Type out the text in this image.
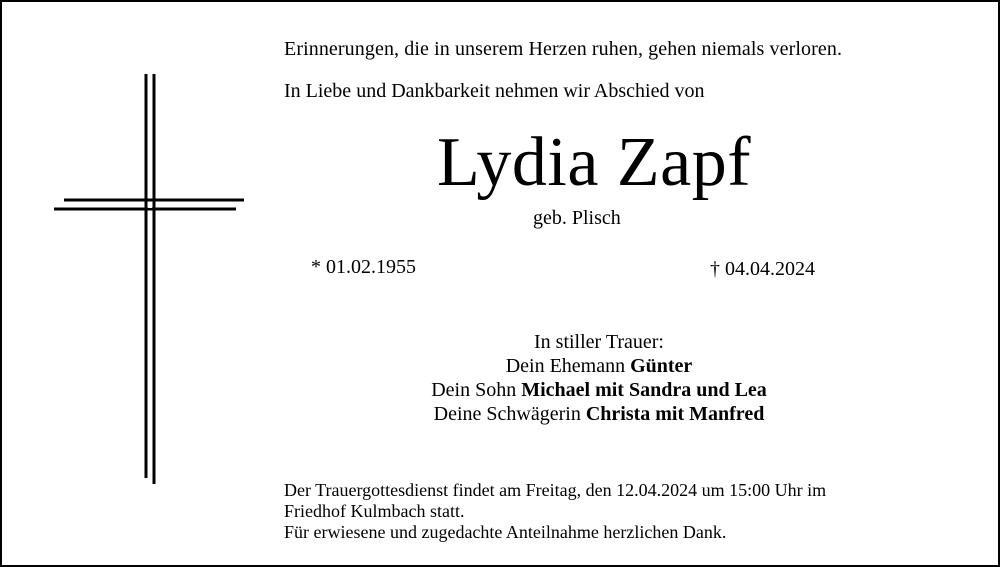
Erinnerungen, die in unserem Herzen ruhen, gehen niemals verloren.
In Liebe und Dankbarkeit nehmen wir Abschied von
Lydia Zapf
geb. Plisch
* 01.02.1955	† 04.04.2024
In stiller Trauer:
Dein Ehemann Günter
Dein Sohn Michael mit Sandra und Lea
Deine Schwägerin Christa mit Manfred
Der Trauergottesdienst findet am Freitag, den 12.04.2024 um 15:00 Uhr im
Friedhof Kulmbach statt.
Für erwiesene und zugedachte Anteilnahme herzlichen Dank.
